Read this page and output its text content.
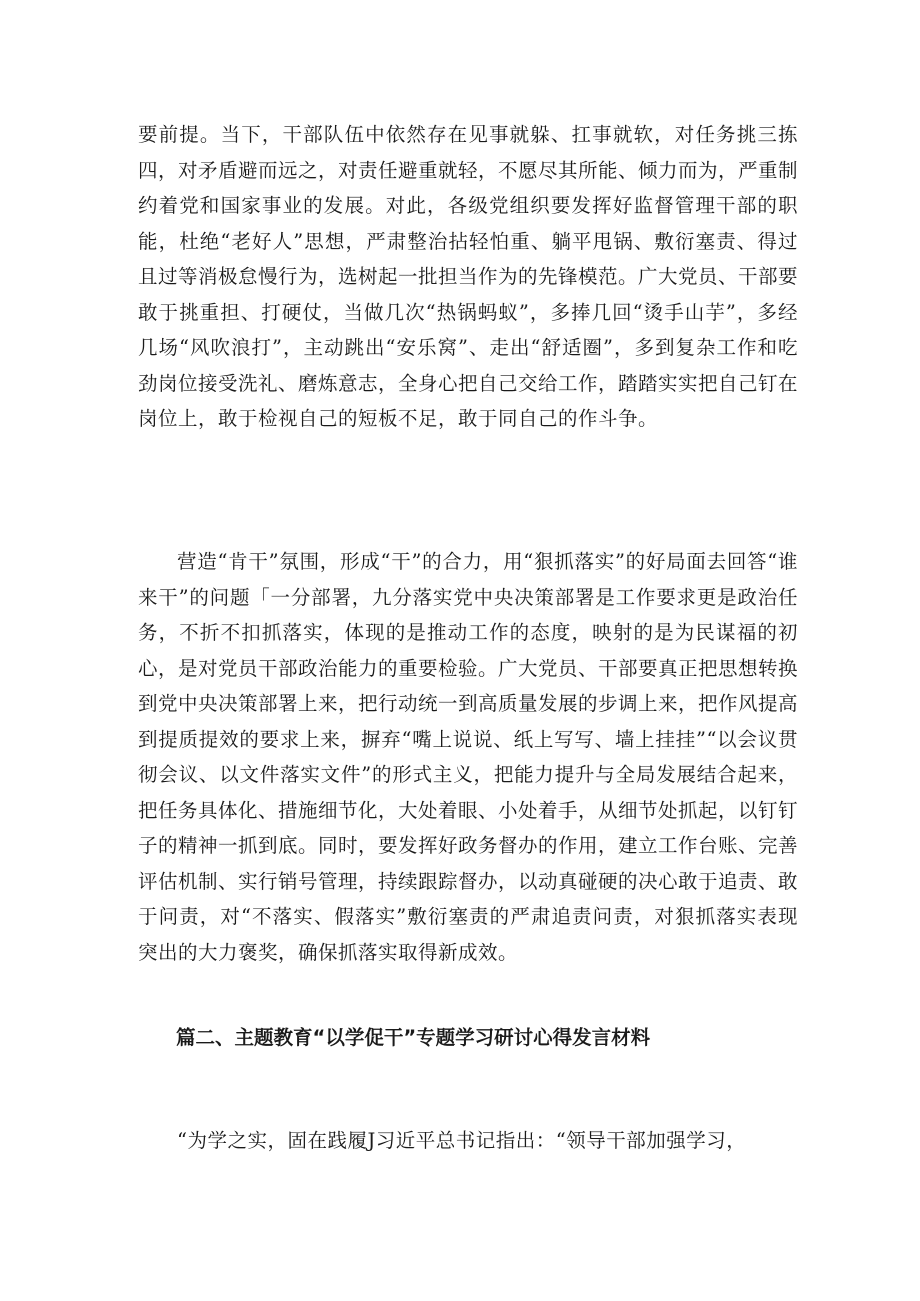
要前提。当下，干部队伍中依然存在见事就躲、扛事就软，对任务挑三拣四，对矛盾避而远之，对责任避重就轻，不愿尽其所能、倾力而为，严重制约着党和国家事业的发展。对此，各级党组织要发挥好监督管理干部的职能，杜绝“老好人”思想，严肃整治拈轻怕重、躺平甩锅、敷衍塞责、得过且过等消极怠慢行为，选树起一批担当作为的先锋模范。广大党员、干部要敢于挑重担、打硬仗，当做几次“热锅蚂蚁”，多捧几回“烫手山芋”，多经几场“风吹浪打”，主动跳出“安乐窝”、走出“舒适圈”，多到复杂工作和吃劲岗位接受洗礼、磨炼意志，全身心把自己交给工作，踏踏实实把自己钉在岗位上，敢于检视自己的短板不足，敢于同自己的作斗争。

营造“肯干”氛围，形成“干”的合力，用“狠抓落实”的好局面去回答“谁来干”的问题「一分部署，九分落实党中央决策部署是工作要求更是政治任务，不折不扣抓落实，体现的是推动工作的态度，映射的是为民谋福的初心，是对党员干部政治能力的重要检验。广大党员、干部要真正把思想转换到党中央决策部署上来，把行动统一到高质量发展的步调上来，把作风提高到提质提效的要求上来，摒弃“嘴上说说、纸上写写、墙上挂挂”“以会议贯彻会议、以文件落实文件”的形式主义，把能力提升与全局发展结合起来，把任务具体化、措施细节化，大处着眼、小处着手，从细节处抓起，以钉钉子的精神一抓到底。同时，要发挥好政务督办的作用，建立工作台账、完善评估机制、实行销号管理，持续跟踪督办，以动真碰硬的决心敢于追责、敢于问责，对“不落实、假落实”敷衍塞责的严肃追责问责，对狠抓落实表现突出的大力褒奖，确保抓落实取得新成效。

篇二、主题教育“以学促干”专题学习研讨心得发言材料

“为学之实，固在践履J习近平总书记指出：“领导干部加强学习，
